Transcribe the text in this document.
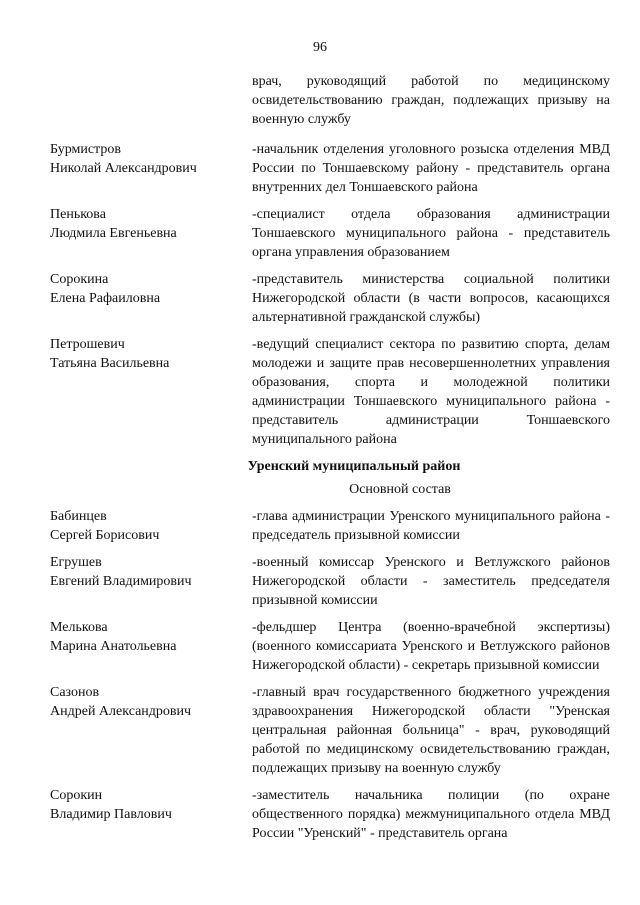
96
врач, руководящий работой по медицинскому освидетельствованию граждан, подлежащих призыву на военную службу
Бурмистров
Николай Александрович
-начальник отделения уголовного розыска отделения МВД России по Тоншаевскому району - представитель органа внутренних дел Тоншаевского района
Пенькова
Людмила Евгеньевна
-специалист отдела образования администрации Тоншаевского муниципального района - представитель органа управления образованием
Сорокина
Елена Рафаиловна
-представитель министерства социальной политики Нижегородской области (в части вопросов, касающихся альтернативной гражданской службы)
Петрошевич
Татьяна Васильевна
-ведущий специалист сектора по развитию спорта, делам молодежи и защите прав несовершеннолетних управления образования, спорта и молодежной политики администрации Тоншаевского муниципального района - представитель администрации Тоншаевского муниципального района
Уренский муниципальный район
Основной состав
Бабинцев
Сергей Борисович
-глава администрации Уренского муниципального района - председатель призывной комиссии
Егрушев
Евгений Владимирович
-военный комиссар Уренского и Ветлужского районов Нижегородской области - заместитель председателя призывной комиссии
Мелькова
Марина Анатольевна
-фельдшер Центра (военно-врачебной экспертизы) (военного комиссариата Уренского и Ветлужского районов Нижегородской области) - секретарь призывной комиссии
Сазонов
Андрей Александрович
-главный врач государственного бюджетного учреждения здравоохранения Нижегородской области "Уренская центральная районная больница" - врач, руководящий работой по медицинскому освидетельствованию граждан, подлежащих призыву на военную службу
Сорокин
Владимир Павлович
-заместитель начальника полиции (по охране общественного порядка) межмуниципального отдела МВД России "Уренский" - представитель органа
